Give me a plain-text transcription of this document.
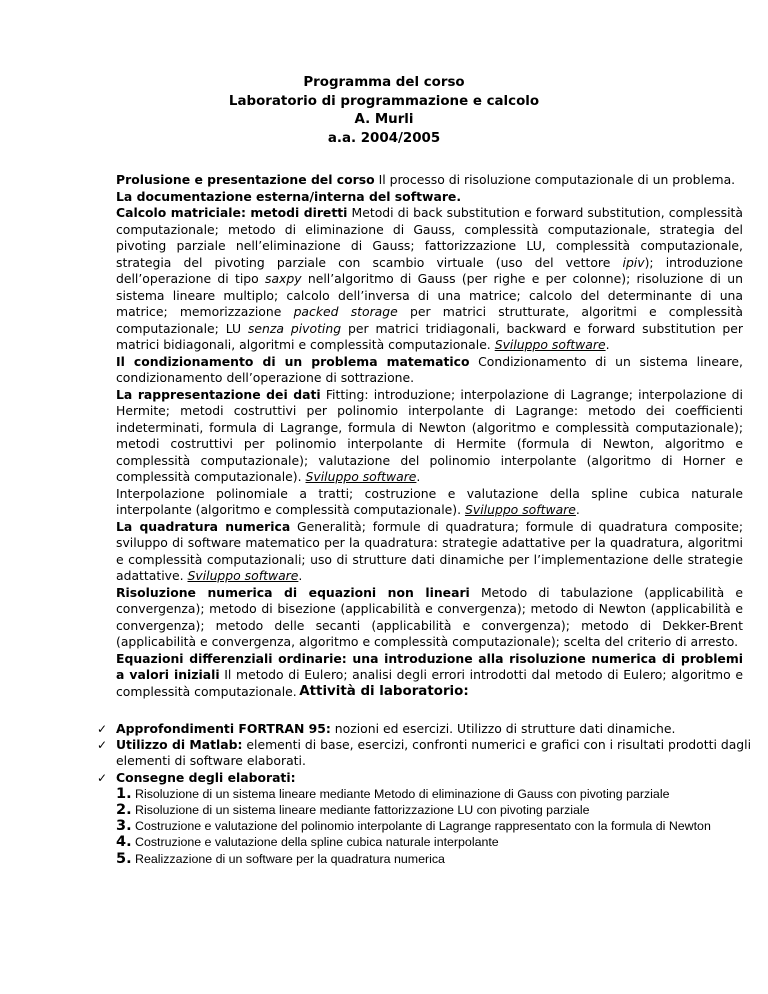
Programma del corso
Laboratorio di programmazione e calcolo
A. Murli
a.a. 2004/2005

Prolusione e presentazione del corso Il processo di risoluzione computazionale di un problema.

La documentazione esterna/interna del software.

Calcolo matriciale: metodi diretti Metodi di back substitution e forward substitution, complessità computazionale; metodo di eliminazione di Gauss, complessità computazionale, strategia del pivoting parziale nell’eliminazione di Gauss; fattorizzazione LU, complessità computazionale, strategia del pivoting parziale con scambio virtuale (uso del vettore ipiv); introduzione dell’operazione di tipo saxpy nell’algoritmo di Gauss (per righe e per colonne); risoluzione di un sistema lineare multiplo; calcolo dell’inversa di una matrice; calcolo del determinante di una matrice; memorizzazione packed storage per matrici strutturate, algoritmi e complessità computazionale; LU senza pivoting per matrici tridiagonali, backward e forward substitution per matrici bidiagonali, algoritmi e complessità computazionale. Sviluppo software.

Il condizionamento di un problema matematico Condizionamento di un sistema lineare, condizionamento dell’operazione di sottrazione.

La rappresentazione dei dati Fitting: introduzione; interpolazione di Lagrange; interpolazione di Hermite; metodi costruttivi per polinomio interpolante di Lagrange: metodo dei coefficienti indeterminati, formula di Lagrange, formula di Newton (algoritmo e complessità computazionale); metodi costruttivi per polinomio interpolante di Hermite (formula di Newton, algoritmo e complessità computazionale); valutazione del polinomio interpolante (algoritmo di Horner e complessità computazionale). Sviluppo software.

Interpolazione polinomiale a tratti; costruzione e valutazione della spline cubica naturale interpolante (algoritmo e complessità computazionale). Sviluppo software.

La quadratura numerica Generalità; formule di quadratura; formule di quadratura composite; sviluppo di software matematico per la quadratura: strategie adattative per la quadratura, algoritmi e complessità computazionali; uso di strutture dati dinamiche per l’implementazione delle strategie adattative. Sviluppo software.

Risoluzione numerica di equazioni non lineari Metodo di tabulazione (applicabilità e convergenza); metodo di bisezione (applicabilità e convergenza); metodo di Newton (applicabilità e convergenza); metodo delle secanti (applicabilità e convergenza); metodo di Dekker-Brent (applicabilità e convergenza, algoritmo e complessità computazionale); scelta del criterio di arresto.

Equazioni differenziali ordinarie: una introduzione alla risoluzione numerica di problemi a valori iniziali Il metodo di Eulero; analisi degli errori introdotti dal metodo di Eulero; algoritmo e complessità computazionale. Attività di laboratorio:
✓ Approfondimenti FORTRAN 95: nozioni ed esercizi. Utilizzo di strutture dati dinamiche.
✓ Utilizzo di Matlab: elementi di base, esercizi, confronti numerici e grafici con i risultati prodotti dagli elementi di software elaborati.
✓ Consegne degli elaborati:
1. Risoluzione di un sistema lineare mediante Metodo di eliminazione di Gauss con pivoting parziale
2. Risoluzione di un sistema lineare mediante fattorizzazione LU con pivoting parziale
3. Costruzione e valutazione del polinomio interpolante di Lagrange rappresentato con la formula di Newton
4. Costruzione e valutazione della spline cubica naturale interpolante
5. Realizzazione di un software per la quadratura numerica
